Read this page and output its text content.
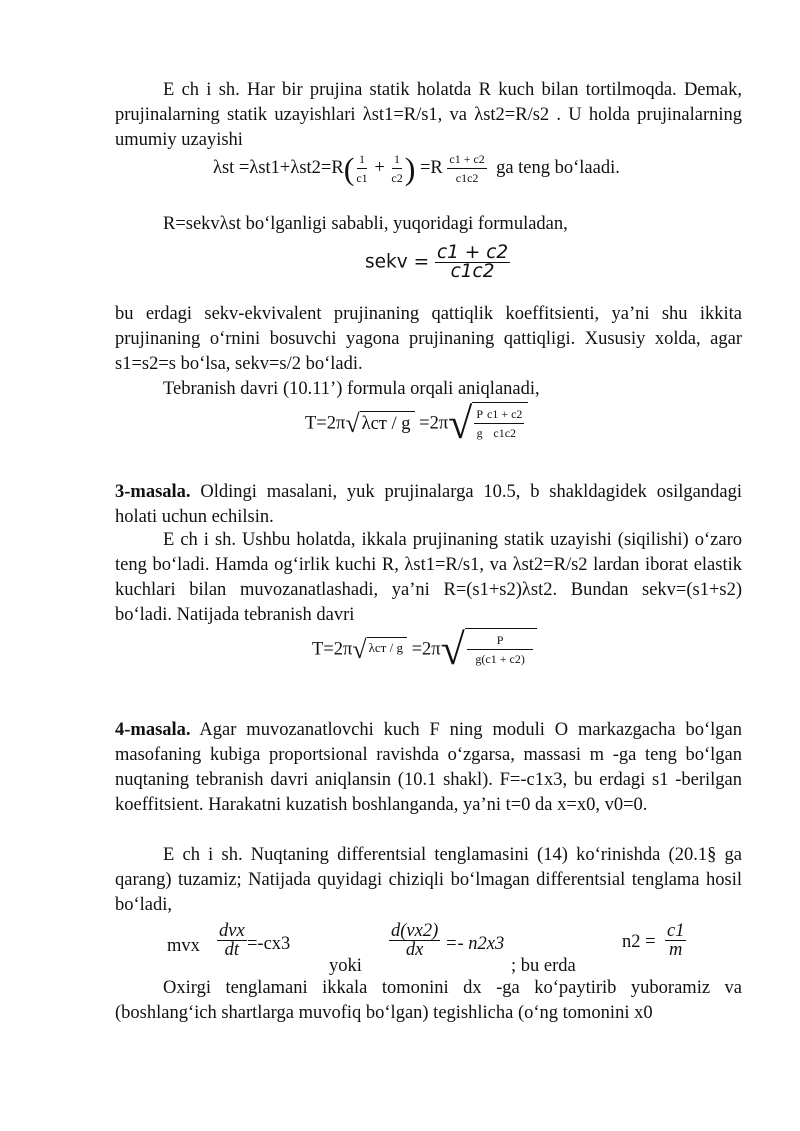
E ch i sh. Har bir prujina statik holatda R kuch bilan tortilmoqda. Demak, prujinalarning statik uzayishlari λst1=R/s1, va λst2=R/s2 . U holda prujinalarning umumiy uzayishi
$\lambda st =\lambda st1+\lambda st2=R( \frac{1}{c1} + \frac{1}{c2}$ ) $=R \frac{c1 + c2}{c1c2}$ ga teng bo‘laadi.
R=sekvλst bo‘lganligi sababli, yuqoridagi formuladan,
sekv = $\frac{c1 + c2}{c1c2}$
bu erdagi sekv-ekvivalent prujinaning qattiqlik koeffitsienti, ya’ni shu ikkita prujinaning o‘rnini bosuvchi yagona prujinaning qattiqligi. Xususiy xolda, agar s1=s2=s bo‘lsa, sekv=s/2 bo‘ladi.
Tebranish davri (10.11’) formula orqali aniqlanadi,
T=2π √ λст / g =2π √ $\frac{P}{g} \frac{c1 + c2}{c1c2}$
3-masala. Oldingi masalani, yuk prujinalarga 10.5, b shakldagidek osilgandagi holati uchun echilsin.
E ch i sh. Ushbu holatda, ikkala prujinaning statik uzayishi (siqilishi) o‘zaro teng bo‘ladi. Hamda og‘irlik kuchi R, λst1=R/s1, va λst2=R/s2 lardan iborat elastik kuchlari bilan muvozanatlashadi, ya’ni R=(s1+s2)λst2. Bundan sekv=(s1+s2) bo‘ladi. Natijada tebranish davri
T=2π √ λст / g =2π √ $\frac{P}{g(c1 + c2)}$
4-masala. Agar muvozanatlovchi kuch F ning moduli O markazgacha bo‘lgan masofaning kubiga proportsional ravishda o‘zgarsa, massasi m -ga teng bo‘lgan nuqtaning tebranish davri aniqlansin (10.1 shakl). F=-c1x3, bu erdagi s1 -berilgan koeffitsient. Harakatni kuzatish boshlanganda, ya’ni t=0 da x=x0, v0=0.
E ch i sh. Nuqtaning differentsial tenglamasini (14) ko‘rinishda (20.1§ ga qarang) tuzamiz; Natijada quyidagi chiziqli bo‘lmagan differentsial tenglama hosil bo‘ladi,
mvx
dvx
dt =-cx3
yoki
$\frac{d(vx2)}{dx} =- n2x3$
; bu erda
$n2 = \frac{c1}{m}$
Oxirgi tenglamani ikkala tomonini dx -ga ko‘paytirib yuboramiz va (boshlang‘ich shartlarga muvofiq bo‘lgan) tegishlicha (o‘ng tomonini x0
